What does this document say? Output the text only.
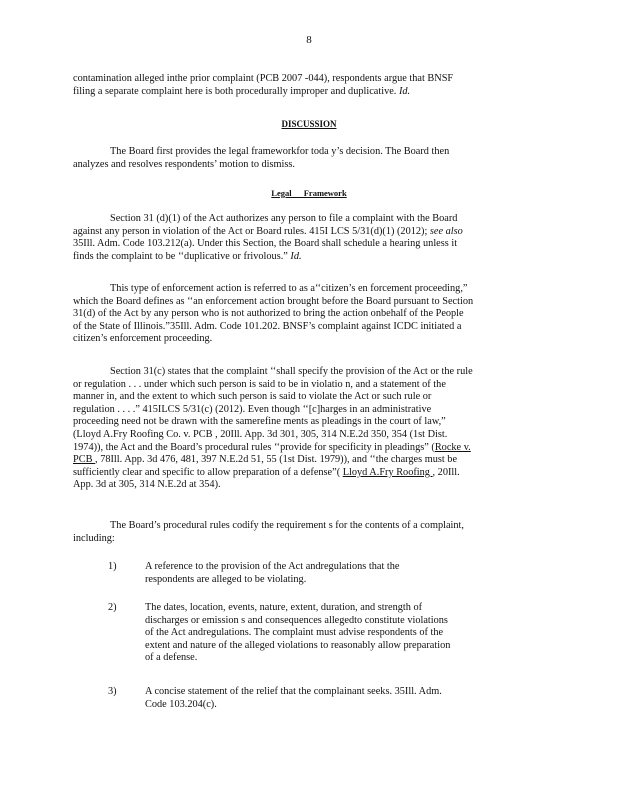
8
contamination alleged inthe prior complaint (PCB 2007 -044), respondents argue that BNSF
filing a separate complaint here is both procedurally improper and duplicative. Id.
DISCUSSION
The Board first provides the legal frameworkfor toda y’s decision. The Board then
analyzes and resolves respondents’ motion to dismiss.
Legal Framework
Section 31 (d)(1) of the Act authorizes any person to file a complaint with the Board
against any person in violation of the Act or Board rules. 415I LCS 5/31(d)(1) (2012); see also
35Ill. Adm. Code 103.212(a). Under this Section, the Board shall schedule a hearing unless it
finds the complaint to be ‘‘duplicative or frivolous.” Id.
This type of enforcement action is referred to as a‘‘citizen’s en forcement proceeding,”
which the Board defines as ‘‘an enforcement action brought before the Board pursuant to Section
31(d) of the Act by any person who is not authorized to bring the action onbehalf of the People
of the State of Illinois.”35Ill. Adm. Code 101.202. BNSF’s complaint against ICDC initiated a
citizen’s enforcement proceeding.
Section 31(c) states that the complaint ‘‘shall specify the provision of the Act or the rule
or regulation . . . under which such person is said to be in violatio n, and a statement of the
manner in, and the extent to which such person is said to violate the Act or such rule or
regulation . . . .” 415ILCS 5/31(c) (2012). Even though ‘‘[c]harges in an administrative
proceeding need not be drawn with the samerefine ments as pleadings in the court of law,”
(Lloyd A.Fry Roofing Co. v. PCB , 20Ill. App. 3d 301, 305, 314 N.E.2d 350, 354 (1st Dist.
1974)), the Act and the Board’s procedural rules ‘‘provide for specificity in pleadings” (Rocke v.
PCB , 78Ill. App. 3d 476, 481, 397 N.E.2d 51, 55 (1st Dist. 1979)), and ‘‘the charges must be
sufficiently clear and specific to allow preparation of a defense”( Lloyd A.Fry Roofing , 20Ill.
App. 3d at 305, 314 N.E.2d at 354).
The Board’s procedural rules codify the requirement s for the contents of a complaint,
including:
1)	A reference to the provision of the Act andregulations that the
respondents are alleged to be violating.
2)	The dates, location, events, nature, extent, duration, and strength of
discharges or emission s and consequences allegedto constitute violations
of the Act andregulations. The complaint must advise respondents of the
extent and nature of the alleged violations to reasonably allow preparation
of a defense.
3)	A concise statement of the relief that the complainant seeks. 35Ill. Adm.
Code 103.204(c).
